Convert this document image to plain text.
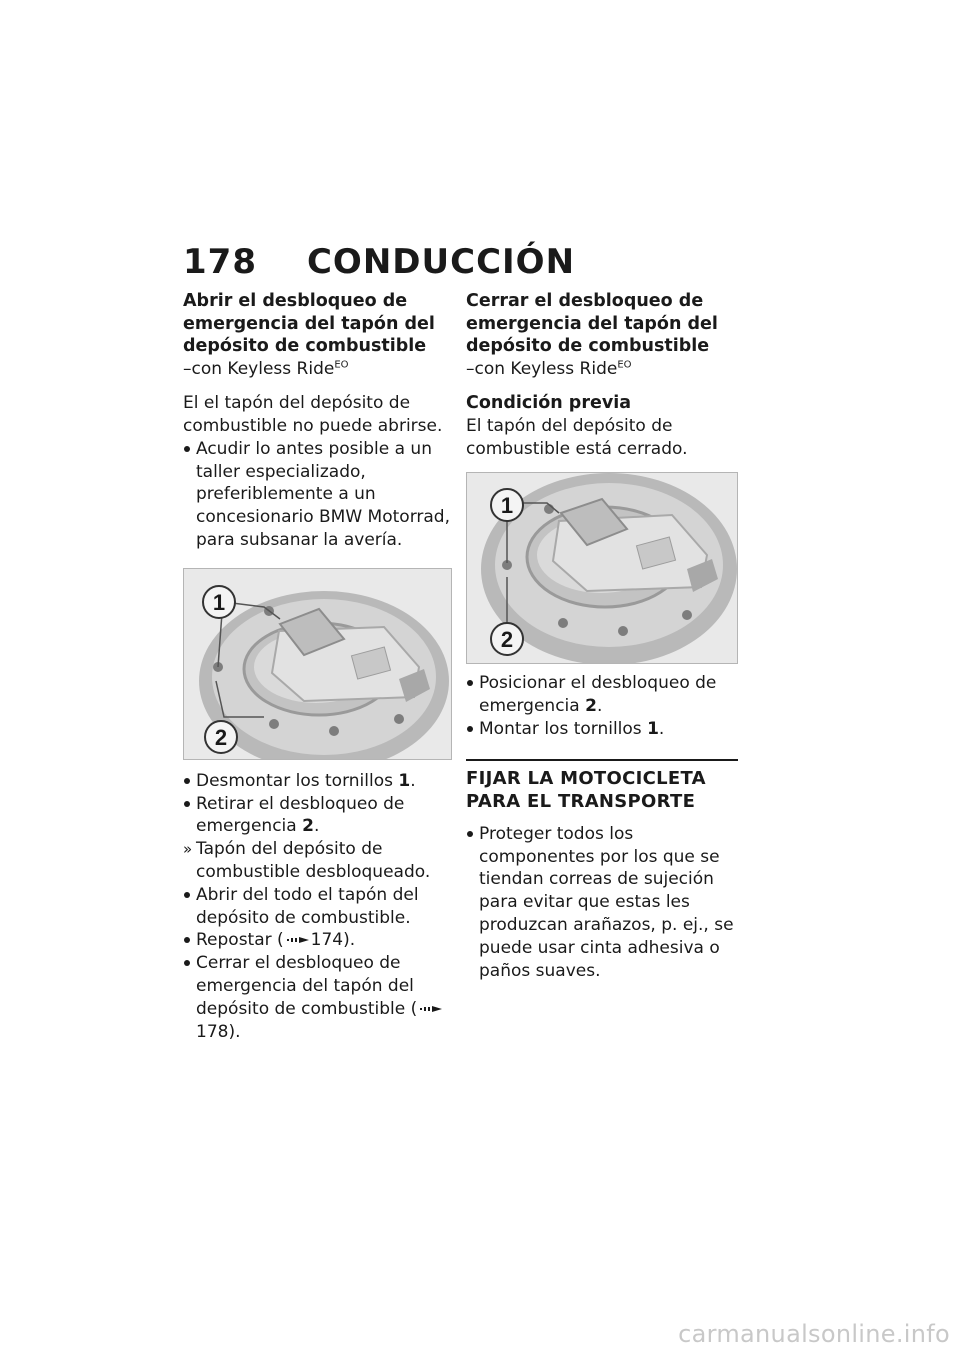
178 CONDUCCIÓN

Abrir el desbloqueo de emergencia del tapón del depósito de combustible

–con Keyless Ride$^{EO}$

El el tapón del depósito de combustible no puede abrirse.

Acudir lo antes posible a un taller especializado, preferiblemente a un concesionario BMW Motorrad, para subsanar la avería.
1
2
Desmontar los tornillos 1.
Retirar el desbloqueo de emergencia 2.
» Tapón del depósito de combustible desbloqueado.
Abrir del todo el tapón del depósito de combustible.
Repostar ( 174).
Cerrar el desbloqueo de emergencia del tapón del depósito de combustible (178).

Cerrar el desbloqueo de emergencia del tapón del depósito de combustible

–con Keyless Ride$^{EO}$

Condición previa

El tapón del depósito de combustible está cerrado.

1
2
Posicionar el desbloqueo de emergencia 2.
Montar los tornillos 1.

FIJAR LA MOTOCICLETA PARA EL TRANSPORTE

Proteger todos los componentes por los que se tiendan correas de sujeción para evitar que estas les produzcan arañazos, p. ej., se puede usar cinta adhesiva o paños suaves.
carmanualsonline.info
